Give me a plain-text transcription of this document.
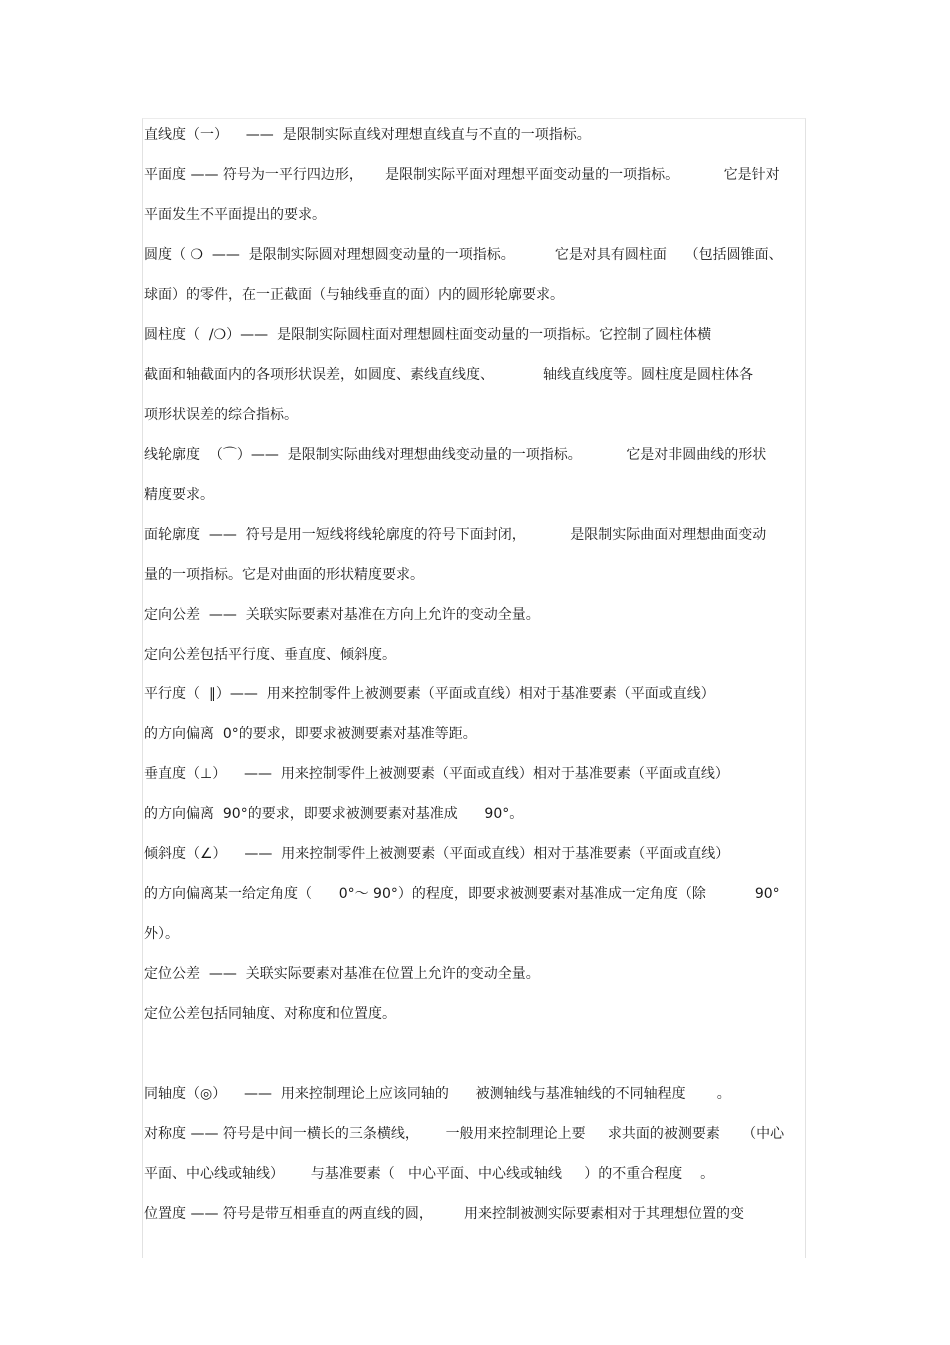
直线度（一）    ——  是限制实际直线对理想直线直与不直的一项指标。
平面度 —— 符号为一平行四边形，     是限制实际平面对理想平面变动量的一项指标。          它是针对
平面发生不平面提出的要求。
圆度（ ❍  ——  是限制实际圆对理想圆变动量的一项指标。         它是对具有圆柱面    （包括圆锥面、
球面）的零件，在一正截面（与轴线垂直的面）内的圆形轮廓要求。
圆柱度（  /❍）——  是限制实际圆柱面对理想圆柱面变动量的一项指标。它控制了圆柱体横
截面和轴截面内的各项形状误差，如圆度、素线直线度、           轴线直线度等。圆柱度是圆柱体各
项形状误差的综合指标。
线轮廓度  （⌒）——  是限制实际曲线对理想曲线变动量的一项指标。          它是对非圆曲线的形状
精度要求。
面轮廓度  ——  符号是用一短线将线轮廓度的符号下面封闭，          是限制实际曲面对理想曲面变动
量的一项指标。它是对曲面的形状精度要求。
定向公差  ——  关联实际要素对基准在方向上允许的变动全量。
定向公差包括平行度、垂直度、倾斜度。
平行度（  ∥）——  用来控制零件上被测要素（平面或直线）相对于基准要素（平面或直线）
的方向偏离  0°的要求，即要求被测要素对基准等距。
垂直度（⊥）    ——  用来控制零件上被测要素（平面或直线）相对于基准要素（平面或直线）
的方向偏离  90°的要求，即要求被测要素对基准成      90°。
倾斜度（∠）    ——  用来控制零件上被测要素（平面或直线）相对于基准要素（平面或直线）
的方向偏离某一给定角度（      0°～ 90°）的程度，即要求被测要素对基准成一定角度（除           90°
外）。
定位公差  ——  关联实际要素对基准在位置上允许的变动全量。
定位公差包括同轴度、对称度和位置度。
同轴度（◎）    ——  用来控制理论上应该同轴的      被测轴线与基准轴线的不同轴程度       。
对称度 —— 符号是中间一横长的三条横线，      一般用来控制理论上要     求共面的被测要素     （中心
平面、中心线或轴线）      与基准要素（   中心平面、中心线或轴线     ）的不重合程度    。
位置度 —— 符号是带互相垂直的两直线的圆，       用来控制被测实际要素相对于其理想位置的变
